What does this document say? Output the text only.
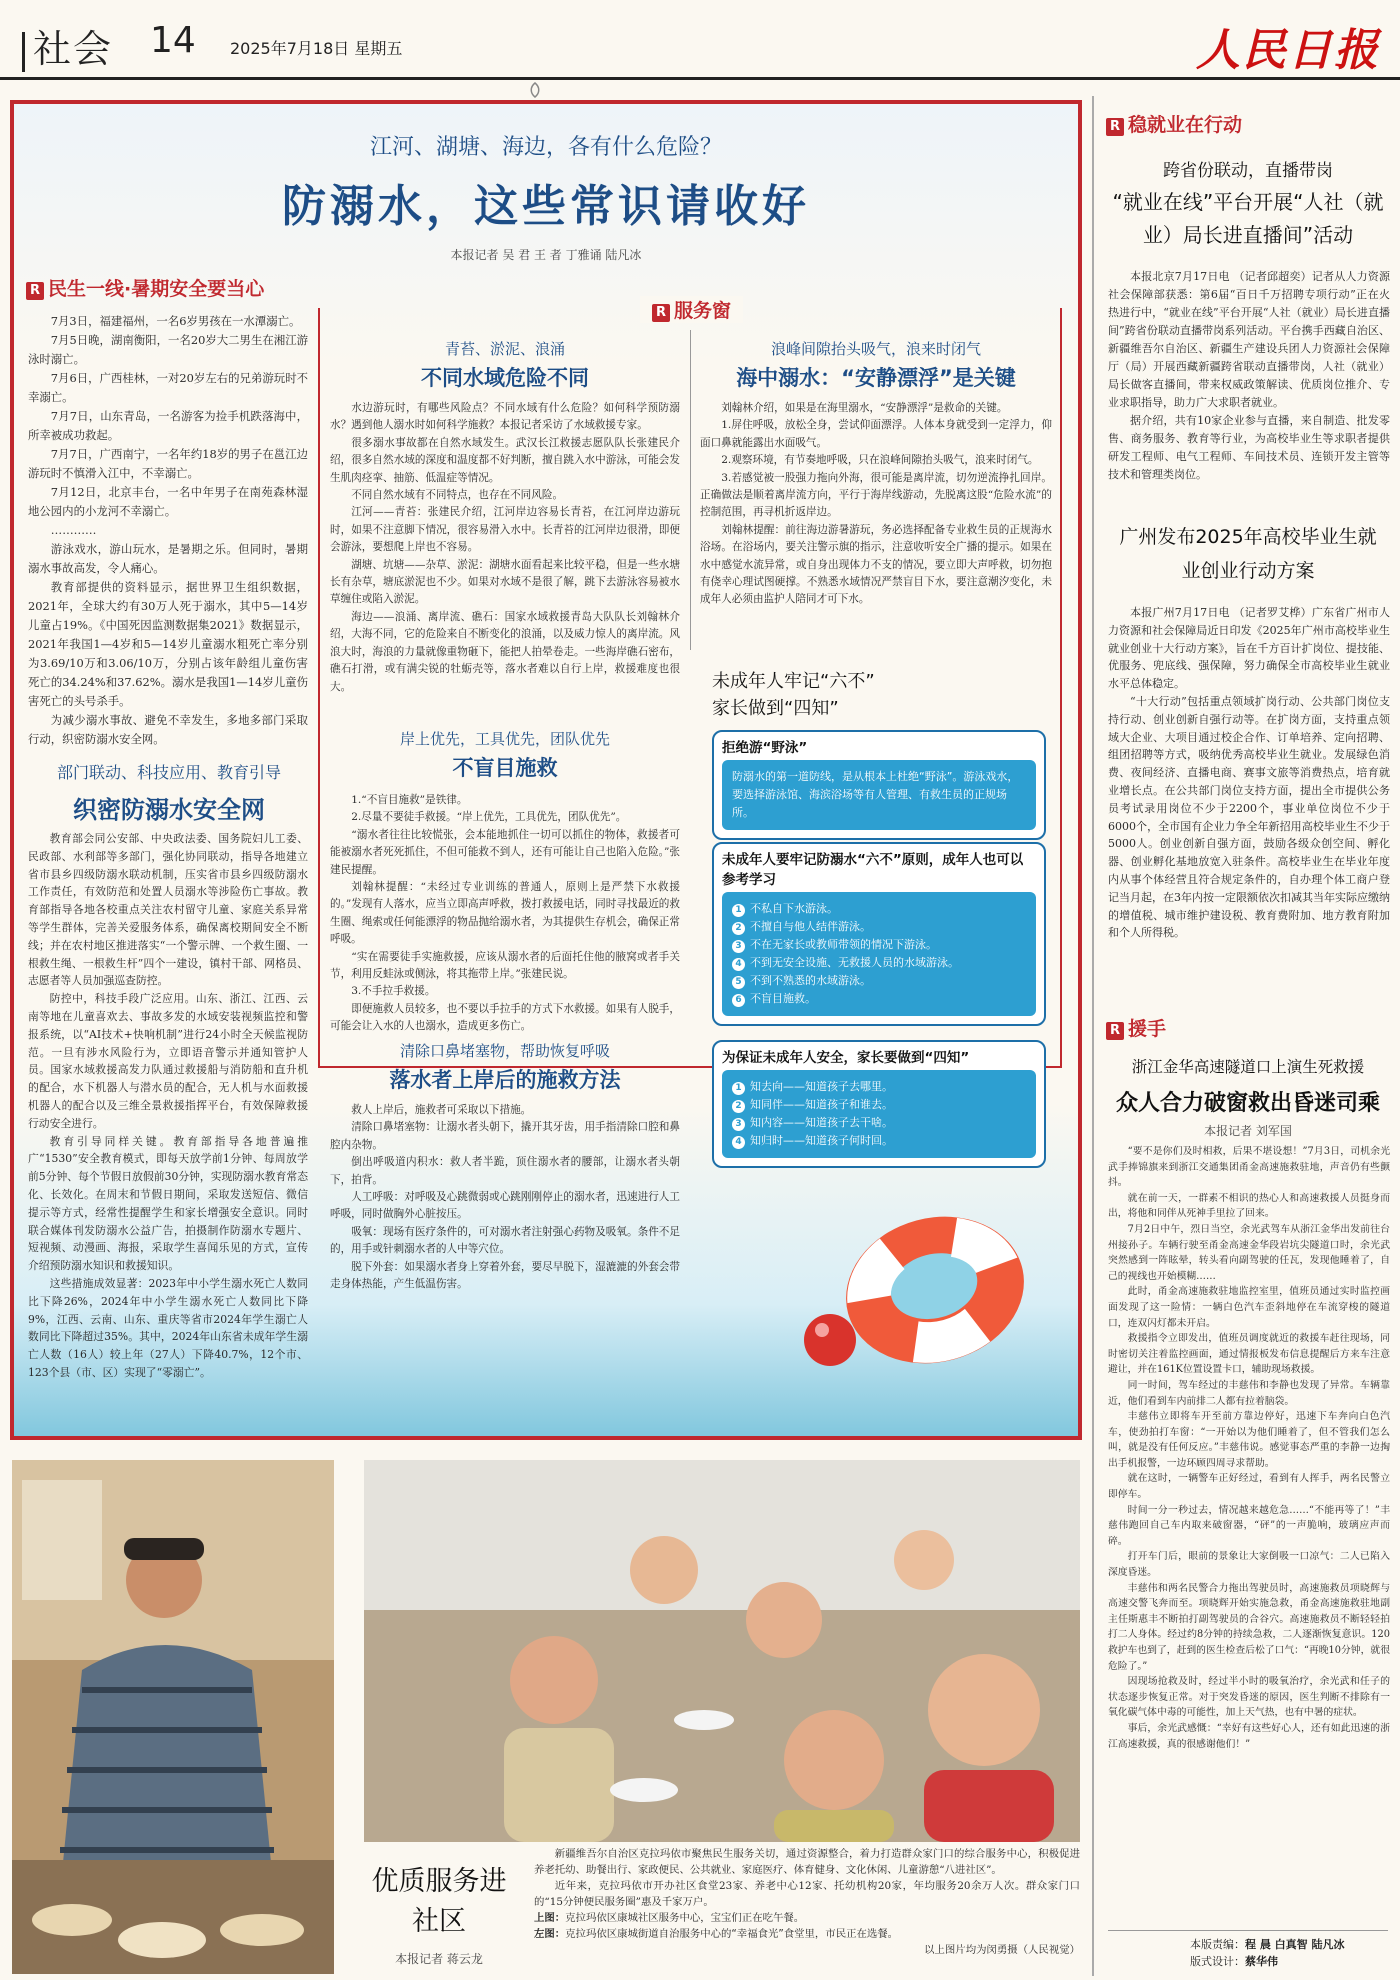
社会 14 2025年7月18日 星期五	人民日报
江河、湖塘、海边，各有什么危险？
防溺水，这些常识请收好
本报记者 吴 君 王 者 丁雅诵 陆凡冰
R 民生一线·暑期安全要当心

7月3日，福建福州，一名6岁男孩在一水潭溺亡。

7月5日晚，湖南衡阳，一名20岁大二男生在湘江游泳时溺亡。

7月6日，广西桂林，一对20岁左右的兄弟游玩时不幸溺亡。

7月7日，山东青岛，一名游客为捡手机跌落海中，所幸被成功救起。

7月7日，广西南宁，一名年约18岁的男子在邕江边游玩时不慎滑入江中，不幸溺亡。

7月12日，北京丰台，一名中年男子在南苑森林湿地公园内的小龙河不幸溺亡。

…………

游泳戏水，游山玩水，是暑期之乐。但同时，暑期溺水事故高发，令人痛心。

教育部提供的资料显示，据世界卫生组织数据，2021年，全球大约有30万人死于溺水，其中5—14岁儿童占19%。《中国死因监测数据集2021》数据显示，2021年我国1—4岁和5—14岁儿童溺水粗死亡率分别为3.69/10万和3.06/10万，分别占该年龄组儿童伤害死亡的34.24%和37.62%。溺水是我国1—14岁儿童伤害死亡的头号杀手。

为减少溺水事故、避免不幸发生，多地多部门采取行动，织密防溺水安全网。

部门联动、科技应用、教育引导
织密防溺水安全网

教育部会同公安部、中央政法委、国务院妇儿工委、民政部、水利部等多部门，强化协同联动，指导各地建立省市县乡四级防溺水联动机制，压实省市县乡四级防溺水工作责任，有效防范和处置人员溺水等涉险伤亡事故。教育部指导各地各校重点关注农村留守儿童、家庭关系异常等学生群体，完善关爱服务体系，确保离校期间安全不断线；并在农村地区推进落实“一个警示牌、一个救生圈、一根救生绳、一根救生杆”四个一建设，镇村干部、网格员、志愿者等人员加强巡查防控。

防控中，科技手段广泛应用。山东、浙江、江西、云南等地在儿童喜欢去、事故多发的水域安装视频监控和警报系统，以“AI技术+快响机制”进行24小时全天候监视防范。一旦有涉水风险行为，立即语音警示并通知管护人员。国家水域救援高发力队通过救援船与消防船和直升机的配合，水下机器人与潜水员的配合，无人机与水面救援机器人的配合以及三维全景救援指挥平台，有效保障救援行动安全进行。

教育引导同样关键。教育部指导各地普遍推广“1530”安全教育模式，即每天放学前1分钟、每周放学前5分钟、每个节假日放假前30分钟，实现防溺水教育常态化、长效化。在周末和节假日期间，采取发送短信、微信提示等方式，经常性提醒学生和家长增强安全意识。同时联合媒体刊发防溺水公益广告，拍摄制作防溺水专题片、短视频、动漫画、海报，采取学生喜闻乐见的方式，宣传介绍预防溺水知识和救援知识。

这些措施成效显著：2023年中小学生溺水死亡人数同比下降26%，2024年中小学生溺水死亡人数同比下降9%，江西、云南、山东、重庆等省市2024年学生溺亡人数同比下降超过35%。其中，2024年山东省未成年学生溺亡人数（16人）较上年（27人）下降40.7%，12个市、123个县（市、区）实现了“零溺亡”。

R 服务窗
青苔、淤泥、浪涌
不同水域危险不同

水边游玩时，有哪些风险点？不同水域有什么危险？如何科学预防溺水？遇到他人溺水时如何科学施救？本报记者采访了水域救援专家。

很多溺水事故都在自然水域发生。武汉长江救援志愿队队长张建民介绍，很多自然水域的深度和温度都不好判断，擅自跳入水中游泳，可能会发生肌肉痉挛、抽筋、低温症等情况。

不同自然水域有不同特点，也存在不同风险。

江河——青苔：张建民介绍，江河岸边容易长青苔，在江河岸边游玩时，如果不注意脚下情况，很容易滑入水中。长青苔的江河岸边很滑，即便会游泳，要想爬上岸也不容易。

湖塘、坑塘——杂草、淤泥：湖塘水面看起来比较平稳，但是一些水塘长有杂草，塘底淤泥也不少。如果对水域不是很了解，跳下去游泳容易被水草缠住或陷入淤泥。

海边——浪涌、离岸流、礁石：国家水域救援青岛大队队长刘翰林介绍，大海不同，它的危险来自不断变化的浪涌，以及威力惊人的离岸流。风浪大时，海浪的力量就像重物砸下，能把人拍晕卷走。一些海岸礁石密布，礁石打滑，或有满尖锐的牡蛎壳等，落水者难以自行上岸，救援难度也很大。

浪峰间隙抬头吸气，浪来时闭气
海中溺水：“安静漂浮”是关键

刘翰林介绍，如果是在海里溺水，“安静漂浮”是救命的关键。

1.屏住呼吸，放松全身，尝试仰面漂浮。人体本身就受到一定浮力，仰面口鼻就能露出水面吸气。

2.观察环境，有节奏地呼吸，只在浪峰间隙抬头吸气，浪来时闭气。

3.若感觉被一股强力拖向外海，很可能是离岸流，切勿逆流挣扎回岸。正确做法是顺着离岸流方向，平行于海岸线游动，先脱离这股“危险水流”的控制范围，再寻机折返岸边。

刘翰林提醒：前往海边游暑游玩，务必选择配备专业救生员的正规海水浴场。在浴场内，要关注警示旗的指示，注意收听安全广播的提示。如果在水中感觉水流异常，或自身出现体力不支的情况，要立即大声呼救，切勿抱有侥幸心理试图硬撑。不熟悉水域情况严禁盲目下水，要注意潮汐变化，未成年人必须由监护人陪同才可下水。

岸上优先，工具优先，团队优先
不盲目施救

1.“不盲目施救”是铁律。

2.尽量不要徒手救援。“岸上优先，工具优先，团队优先”。

“溺水者往往比较慌张，会本能地抓住一切可以抓住的物体，救援者可能被溺水者死死抓住，不但可能救不到人，还有可能让自己也陷入危险。”张建民提醒。

刘翰林提醒：“未经过专业训练的普通人，原则上是严禁下水救援的。”发现有人落水，应当立即高声呼救，拨打救援电话，同时寻找最近的救生圈、绳索或任何能漂浮的物品抛给溺水者，为其提供生存机会，确保正常呼吸。

“实在需要徒手实施救援，应该从溺水者的后面托住他的腋窝或者手关节，利用反蛙泳或侧泳，将其拖带上岸。”张建民说。

3.不手拉手救援。

即便施救人员较多，也不要以手拉手的方式下水救援。如果有人脱手，可能会让入水的人也溺水，造成更多伤亡。

清除口鼻堵塞物，帮助恢复呼吸
落水者上岸后的施救方法

救人上岸后，施救者可采取以下措施。

清除口鼻堵塞物：让溺水者头朝下，撬开其牙齿，用手指清除口腔和鼻腔内杂物。

倒出呼吸道内积水：救人者半跪，顶住溺水者的腰部，让溺水者头朝下，拍背。

人工呼吸：对呼吸及心跳微弱或心跳刚刚停止的溺水者，迅速进行人工呼吸，同时做胸外心脏按压。

吸氧：现场有医疗条件的，可对溺水者注射强心药物及吸氧。条件不足的，用手或针刺溺水者的人中等穴位。

脱下外套：如果溺水者身上穿着外套，要尽早脱下，湿漉漉的外套会带走身体热能，产生低温伤害。

未成年人牢记“六不”
家长做到“四知”
拒绝游“野泳”
防溺水的第一道防线，是从根本上杜绝“野泳”。游泳戏水，要选择游泳馆、海滨浴场等有人管理、有救生员的正规场所。
未成年人要牢记防溺水“六不”原则，成年人也可以参考学习
1 不私自下水游泳。
2 不擅自与他人结伴游泳。
3 不在无家长或教师带领的情况下游泳。
4 不到无安全设施、无救援人员的水域游泳。
5 不到不熟悉的水域游泳。
6 不盲目施救。
为保证未成年人安全，家长要做到“四知”
1 知去向——知道孩子去哪里。
2 知同伴——知道孩子和谁去。
3 知内容——知道孩子去干啥。
4 知归时——知道孩子何时回。
R 稳就业在行动
跨省份联动，直播带岗
“就业在线”平台开展“人社（就业）局长进直播间”活动

本报北京7月17日电 （记者邱超奕）记者从人力资源社会保障部获悉：第6届“百日千万招聘专项行动”正在火热进行中，“就业在线”平台开展“人社（就业）局长进直播间”跨省份联动直播带岗系列活动。平台携手西藏自治区、新疆维吾尔自治区、新疆生产建设兵团人力资源社会保障厅（局）开展西藏新疆跨省联动直播带岗，人社（就业）局长做客直播间，带来权威政策解读、优质岗位推介、专业求职指导，助力广大求职者就业。

据介绍，共有10家企业参与直播，来自制造、批发零售、商务服务、教育等行业，为高校毕业生等求职者提供研发工程师、电气工程师、车间技术员、连锁开发主管等技术和管理类岗位。

广州发布2025年高校毕业生就业创业行动方案

本报广州7月17日电 （记者罗艾桦）广东省广州市人力资源和社会保障局近日印发《2025年广州市高校毕业生就业创业十大行动方案》，旨在千方百计扩岗位、提技能、优服务、兜底线、强保障，努力确保全市高校毕业生就业水平总体稳定。

“十大行动”包括重点领域扩岗行动、公共部门岗位支持行动、创业创新自强行动等。在扩岗方面，支持重点领域大企业、大项目通过校企合作、订单培养、定向招聘、组团招聘等方式，吸纳优秀高校毕业生就业。发展绿色消费、夜间经济、直播电商、赛事文旅等消费热点，培育就业增长点。在公共部门岗位支持方面，提出全市提供公务员考试录用岗位不少于2200个，事业单位岗位不少于6000个，全市国有企业力争全年新招用高校毕业生不少于5000人。创业创新自强方面，鼓励各级众创空间、孵化器、创业孵化基地放宽入驻条件。高校毕业生在毕业年度内从事个体经营且符合规定条件的，自办理个体工商户登记当月起，在3年内按一定限额依次扣减其当年实际应缴纳的增值税、城市维护建设税、教育费附加、地方教育附加和个人所得税。

R 援手
浙江金华高速隧道口上演生死救援
众人合力破窗救出昏迷司乘
本报记者 刘军国

“要不是你们及时相救，后果不堪设想！”7月3日，司机余光武手捧锦旗来到浙江交通集团甬金高速施救驻地，声音仍有些颤抖。

就在前一天，一群素不相识的热心人和高速救援人员挺身而出，将他和同伴从死神手里拉了回来。

7月2日中午，烈日当空，余光武驾车从浙江金华出发前往台州接孙子。车辆行驶至甬金高速金华段岩坑尖隧道口时，余光武突然感到一阵眩晕，转头看向副驾驶的任瓦，发现他睡着了，自己的视线也开始模糊……

此时，甬金高速施救驻地监控室里，值班员通过实时监控画面发现了这一险情：一辆白色汽车歪斜地停在车流穿梭的隧道口，连双闪灯都未开启。

救援指令立即发出，值班员调度就近的救援车赶往现场，同时密切关注着监控画面，通过情报板发布信息提醒后方来车注意避让，并在161K位置设置卡口，辅助现场救援。

同一时间，驾车经过的丰慈伟和李静也发现了异常。车辆靠近，他们看到车内前排二人都有拉着脑袋。

丰慈伟立即将车开至前方靠边停好，迅速下车奔向白色汽车，使劲拍打车窗：“一开始以为他们睡着了，但不管我们怎么叫，就是没有任何反应。”丰慈伟说。感觉事态严重的李静一边掏出手机报警，一边环顾四周寻求帮助。

就在这时，一辆警车正好经过，看到有人挥手，两名民警立即停车。

时间一分一秒过去，情况越来越危急……“不能再等了！”丰慈伟跑回自己车内取来破窗器，“砰”的一声脆响，玻璃应声而碎。

打开车门后，眼前的景象让大家倒吸一口凉气：二人已陷入深度昏迷。

丰慈伟和两名民警合力拖出驾驶员时，高速施救员项晓辉与高速交警飞奔而至。项晓辉开始实施急救，甬金高速施救驻地副主任斯惠丰不断拍打副驾驶员的合谷穴。高速施救员不断轻轻拍打二人身体。经过约8分钟的持续急救，二人逐渐恢复意识。120救护车也到了，赶到的医生检查后松了口气：“再晚10分钟，就很危险了。”

因现场抢救及时，经过半小时的吸氧治疗，余光武和任子的状态逐步恢复正常。对于突发昏迷的原因，医生判断不排除有一氧化碳气体中毒的可能性，加上天气热，也有中暑的症状。

事后，余光武感慨：“幸好有这些好心人，还有如此迅速的浙江高速救援，真的很感谢他们！”

本版责编：程 晨 白真智 陆凡冰
版式设计：蔡华伟
优质服务进社区
本报记者 蒋云龙

新疆维吾尔自治区克拉玛依市聚焦民生服务关切，通过资源整合，着力打造群众家门口的综合服务中心，积极促进养老托幼、助餐出行、家政便民、公共就业、家庭医疗、体育健身、文化休闲、儿童游憩“八进社区”。

近年来，克拉玛依市开办社区食堂23家、养老中心12家、托幼机构20家，年均服务20余万人次。群众家门口的“15分钟便民服务圈”惠及千家万户。

上图：克拉玛依区康城社区服务中心，宝宝们正在吃午餐。
左图：克拉玛依区康城街道自治服务中心的“幸福食光”食堂里，市民正在选餐。
以上图片均为闵勇摄（人民视觉）
